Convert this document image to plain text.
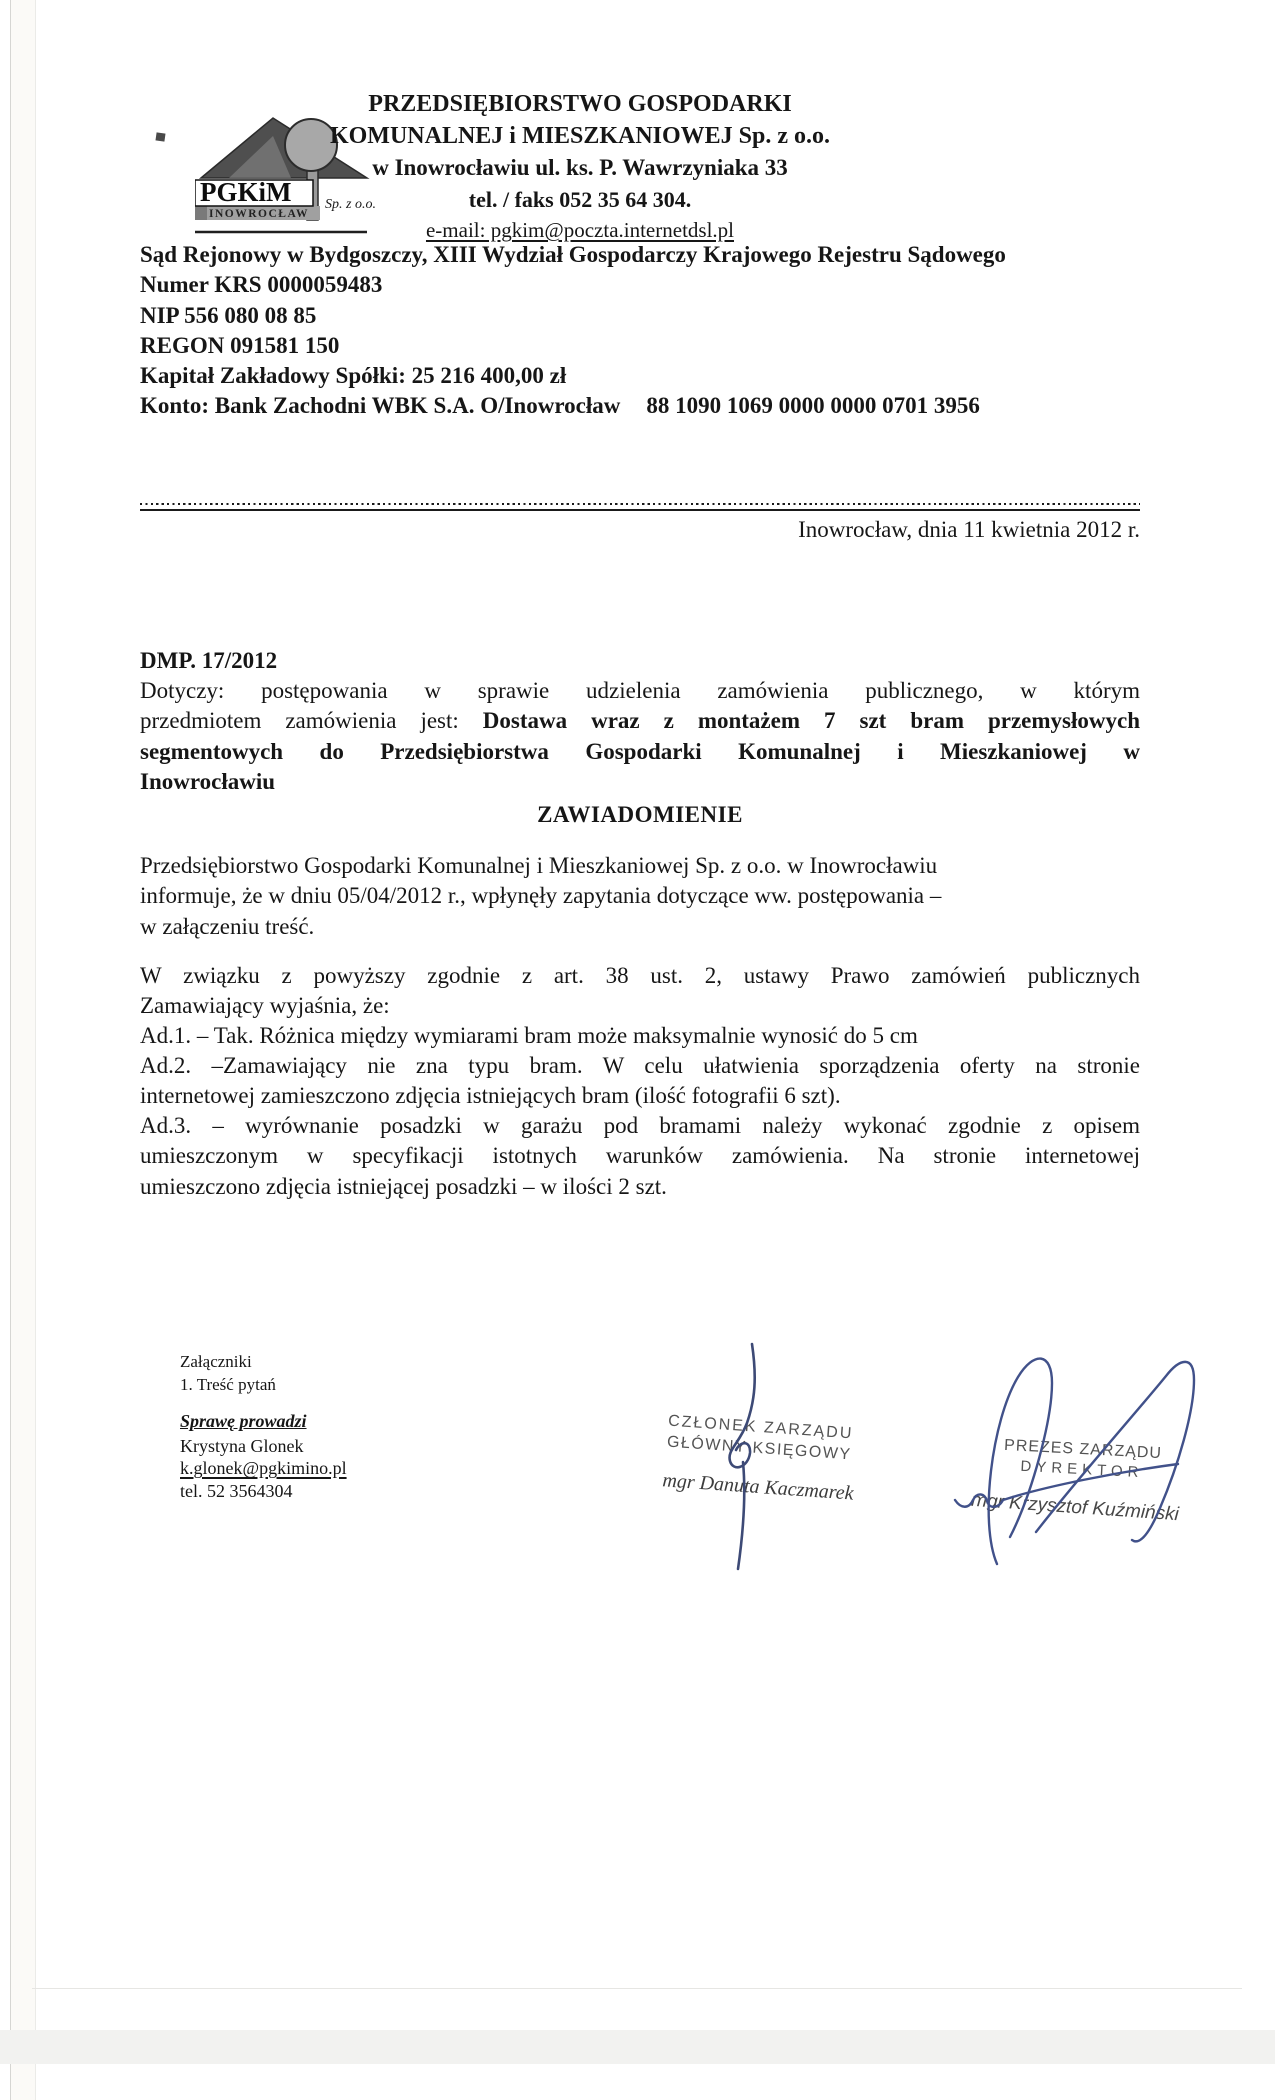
PGKiM
INOWROCŁAW
Sp. z o.o.
PRZEDSIĘBIORSTWO GOSPODARKI
KOMUNALNEJ i MIESZKANIOWEJ Sp. z o.o.
w Inowrocławiu ul. ks. P. Wawrzyniaka 33
tel. / faks 052 35 64 304.
e-mail: pgkim@poczta.internetdsl.pl
Sąd Rejonowy w Bydgoszczy, XIII Wydział Gospodarczy Krajowego Rejestru Sądowego
Numer KRS 0000059483
NIP 556 080 08 85
REGON 091581 150
Kapitał Zakładowy Spółki: 25 216 400,00 zł
Konto: Bank Zachodni WBK S.A. O/Inowrocław 88 1090 1069 0000 0000 0701 3956
Inowrocław, dnia 11 kwietnia 2012 r.
DMP. 17/2012
Dotyczy: postępowania w sprawie udzielenia zamówienia publicznego, w którym
przedmiotem zamówienia jest: Dostawa wraz z montażem 7 szt bram przemysłowych
segmentowych do Przedsiębiorstwa Gospodarki Komunalnej i Mieszkaniowej w
Inowrocławiu
ZAWIADOMIENIE
Przedsiębiorstwo Gospodarki Komunalnej i Mieszkaniowej Sp. z o.o. w Inowrocławiu
informuje, że w dniu 05/04/2012 r., wpłynęły zapytania dotyczące ww. postępowania –
w załączeniu treść.
W związku z powyższy zgodnie z art. 38 ust. 2, ustawy Prawo zamówień publicznych
Zamawiający wyjaśnia, że:
Ad.1. – Tak. Różnica między wymiarami bram może maksymalnie wynosić do 5 cm
Ad.2. –Zamawiający nie zna typu bram. W celu ułatwienia sporządzenia oferty na stronie
internetowej zamieszczono zdjęcia istniejących bram (ilość fotografii 6 szt).
Ad.3. – wyrównanie posadzki w garażu pod bramami należy wykonać zgodnie z opisem
umieszczonym w specyfikacji istotnych warunków zamówienia. Na stronie internetowej
umieszczono zdjęcia istniejącej posadzki – w ilości 2 szt.
Załączniki
1. Treść pytań
Sprawę prowadzi
Krystyna Glonek
k.glonek@pgkimino.pl
tel. 52 3564304
CZŁONEK ZARZĄDU
GŁÓWNY KSIĘGOWY
mgr Danuta Kaczmarek
PREZES ZARZĄDU
DYREKTOR
mgr Krzysztof Kuźmiński
